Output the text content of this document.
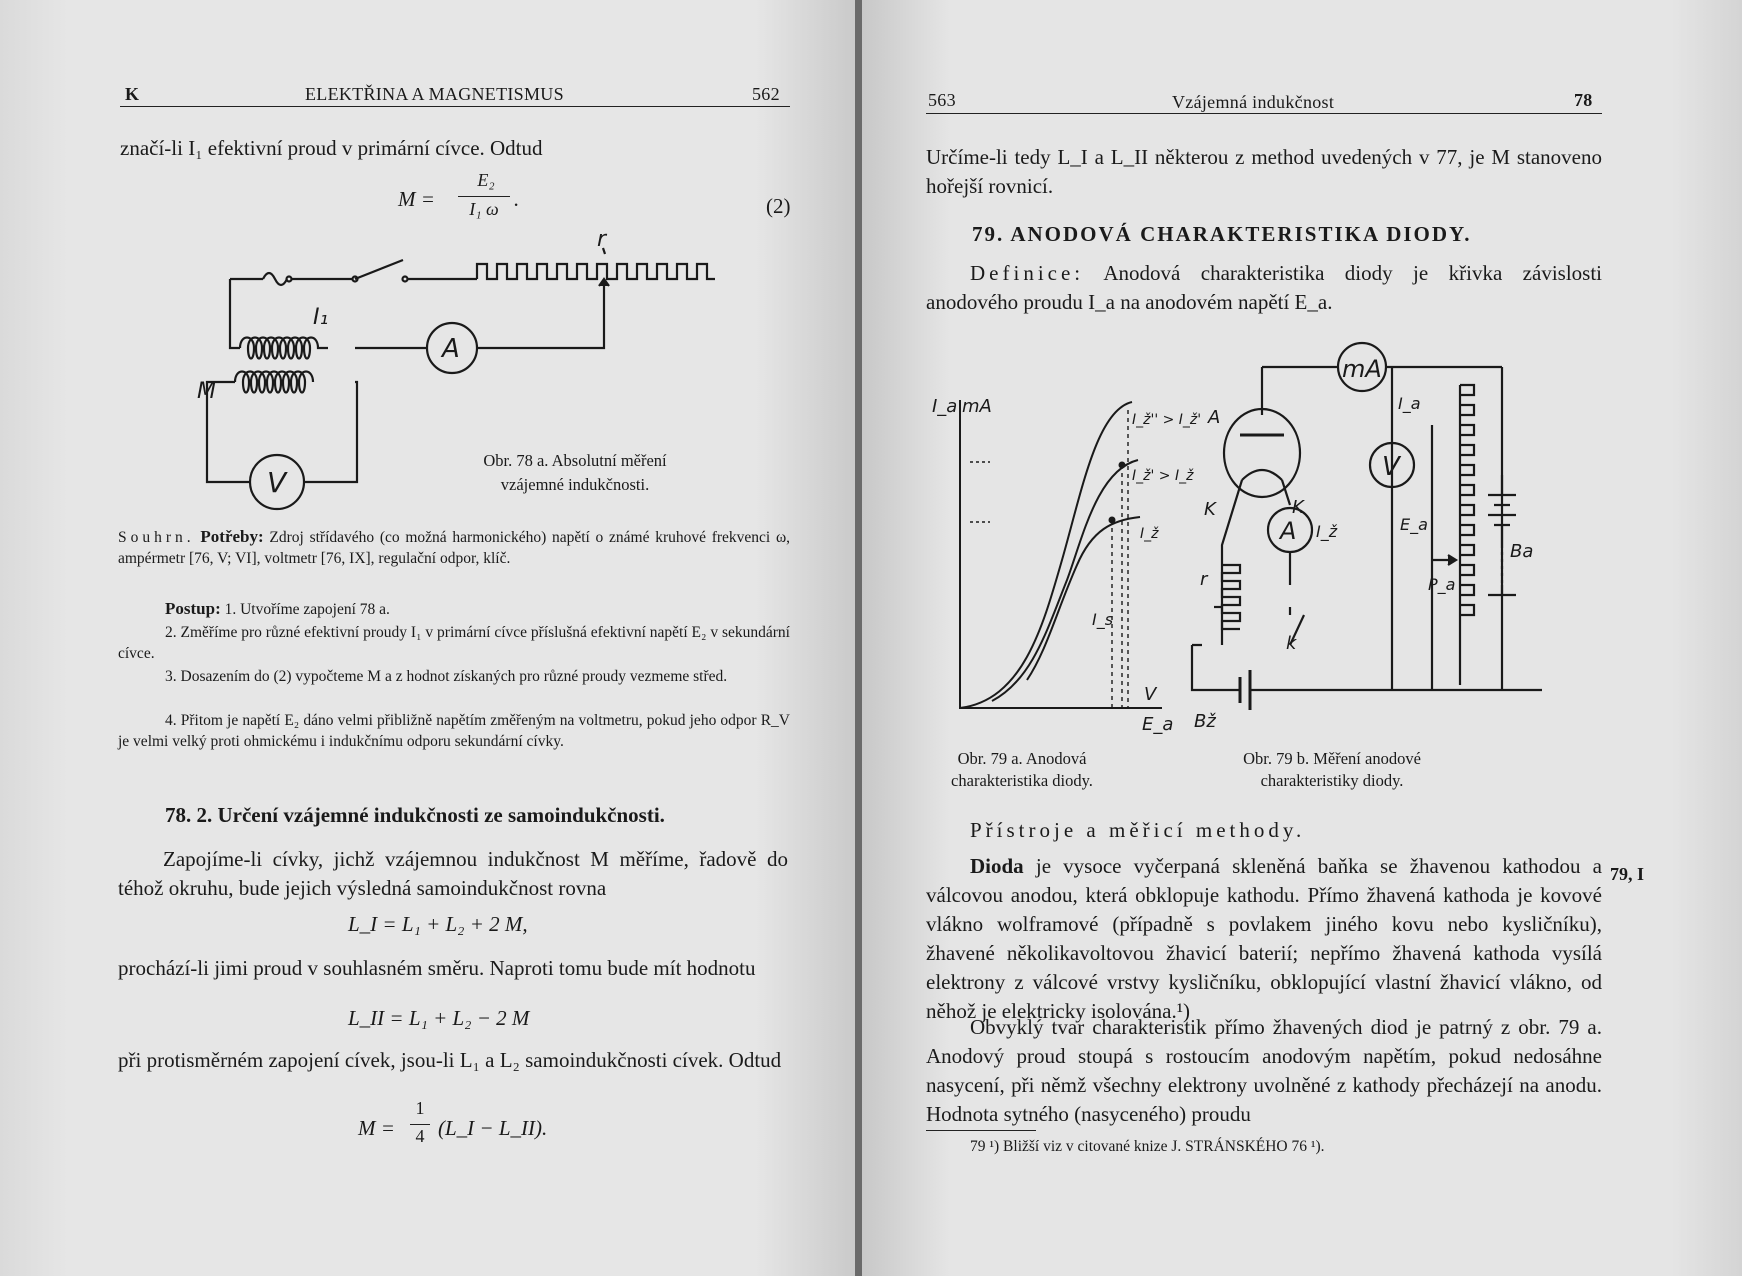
K	ELEKTŘINA A MAGNETISMUS	562
značí-li I₁ efektivní proud v primární cívce. Odtud
M =
E₂
I₁ ω .	(2)
r
I₁
M
A
V
Obr. 78 a. Absolutní měření
vzájemné indukčnosti.
Souhrn. Potřeby: Zdroj střídavého (co možná harmonického) napětí o známé kruhové frekvenci ω, ampérmetr [76, V; VI], voltmetr [76, IX], regulační odpor, klíč.
Postup: 1. Utvoříme zapojení 78 a.
2. Změříme pro různé efektivní proudy I₁ v primární cívce příslušná efektivní napětí E₂ v sekundární cívce.
3. Dosazením do (2) vypočteme M a z hodnot získaných pro různé proudy vezmeme střed.
4. Přitom je napětí E₂ dáno velmi přibližně napětím změřeným na voltmetru, pokud jeho odpor R_V je velmi velký proti ohmickému i indukčnímu odporu sekundární cívky.
78. 2. Určení vzájemné indukčnosti ze samoindukčnosti.
Zapojíme-li cívky, jichž vzájemnou indukčnost M měříme, řadově do téhož okruhu, bude jejich výsledná samoindukčnost rovna
L_I = L₁ + L₂ + 2 M,
prochází-li jimi proud v souhlasném směru. Naproti tomu bude mít hodnotu
L_II = L₁ + L₂ − 2 M
při protisměrném zapojení cívek, jsou-li L₁ a L₂ samoindukčnosti cívek. Odtud
M =
1
4 (L_I − L_II).
563	Vzájemná indukčnost	78
Určíme-li tedy L_I a L_II některou z method uvedených v 77, je M stanoveno hořejší rovnicí.
79. ANODOVÁ CHARAKTERISTIKA DIODY.
Definice: Anodová charakteristika diody je křivka závislosti anodového proudu I_a na anodovém napětí E_a.
I_a mA
V
E_a
I_ž'' > I_ž'
I_ž' > I_ž
I_ž
I_s
Obr. 79 a. Anodová
charakteristika diody.
mA
I_a
A
K	K
V
E_a
A I_ž
r
k
Bž
P_a
Ba
Obr. 79 b. Měření anodové
charakteristiky diody.
Přístroje a měřicí methody.
Dioda je vysoce vyčerpaná skleněná baňka se žhavenou kathodou a válcovou anodou, která obklopuje kathodu. Přímo žhavená kathoda je kovové vlákno wolframové (případně s povlakem jiného kovu nebo kysličníku), žhavené několikavoltovou žhavicí baterií; nepřímo žhavená kathoda vysílá elektrony z válcové vrstvy kysličníku, obklopující vlastní žhavicí vlákno, od něhož je elektricky isolována.¹)
79, I
Obvyklý tvar charakteristik přímo žhavených diod je patrný z obr. 79 a. Anodový proud stoupá s rostoucím anodovým napětím, pokud nedosáhne nasycení, při němž všechny elektrony uvolněné z kathody přecházejí na anodu. Hodnota sytného (nasyceného) proudu
79 ¹) Bližší viz v citované knize J. STRÁNSKÉHO 76 ¹).
